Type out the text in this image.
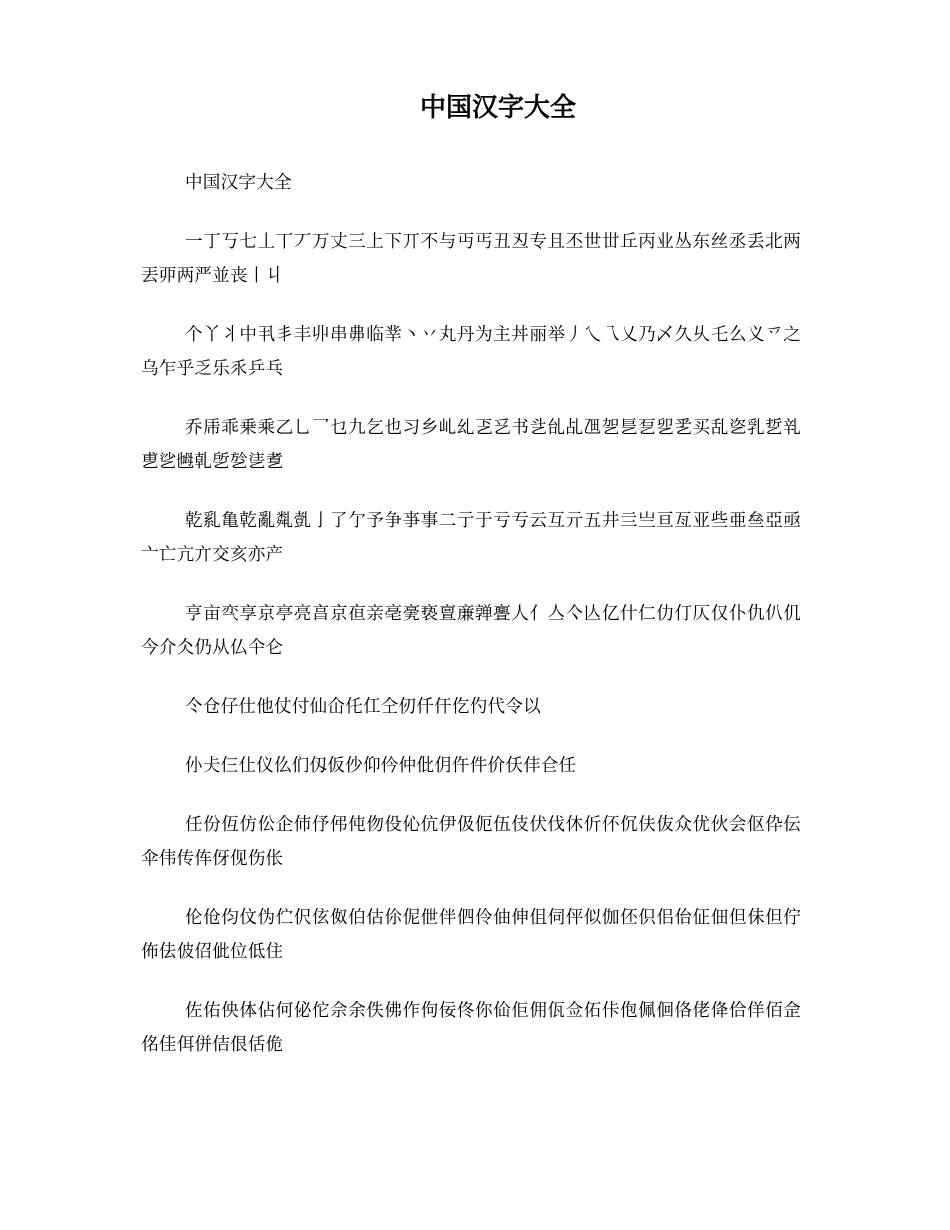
中国汉字大全

中国汉字大全

一丁丂七丄丅丆万丈三上下丌不与丏丐丑丒专且丕世丗丘丙业丛东丝丞丢北两丟丣两严並丧丨丩

个丫丬中丮丯丰丱串丳临丵丶丷丸丹为主丼丽举丿乀乁乂乃乄久乆乇么义乊之乌乍乎乏乐乑乒乓

乔乕乖乗乘乙乚乛乜九乞也习乡乢乣乤乥书乧乨乩乪乫乬乭乮乯买乱乲乳乴乵乶乷乸乹乺乻乼乽

乾乿亀乾亂亃亄亅了亇予争亊事二亍于亏亐云互亓五井亖亗亘亙亚些亜亝亞亟亠亡亢亣交亥亦产

亨亩亪享京亭亮亯京亱亲亳亴亵亶亷亸亹人亻亼亽亾亿什仁仂仃仄仅仆仇仈仉今介仌仍从仏仐仑

仒仓仔仕他仗付仙仚仛仜仝仞仟仠仡仢代令以

仦仧仨仩仪仫们仭仮仯仰仱仲仳仴仵件价仸仹仺任

任份仾仿伀企伂伃伄伅伆伇伈伉伊伋伌伍伎伏伐休伒伓伔伕伖众优伙会伛伜伝伞伟传伡伢伣伤伥

伦伧伨伩伪伫伬伭伮伯估伱伲伳伴伵伶伷伸伹伺伻似伽伾伿佀佁佂佃但佅但佇佈佉佊佋佌位低住

佐佑佒体佔何佖佗佘余佚佛作佝佞佟你佡佢佣佤佥佦佧佨佩佪佫佬佭佮佯佰佱佲佳佴併佶佷佸佹
